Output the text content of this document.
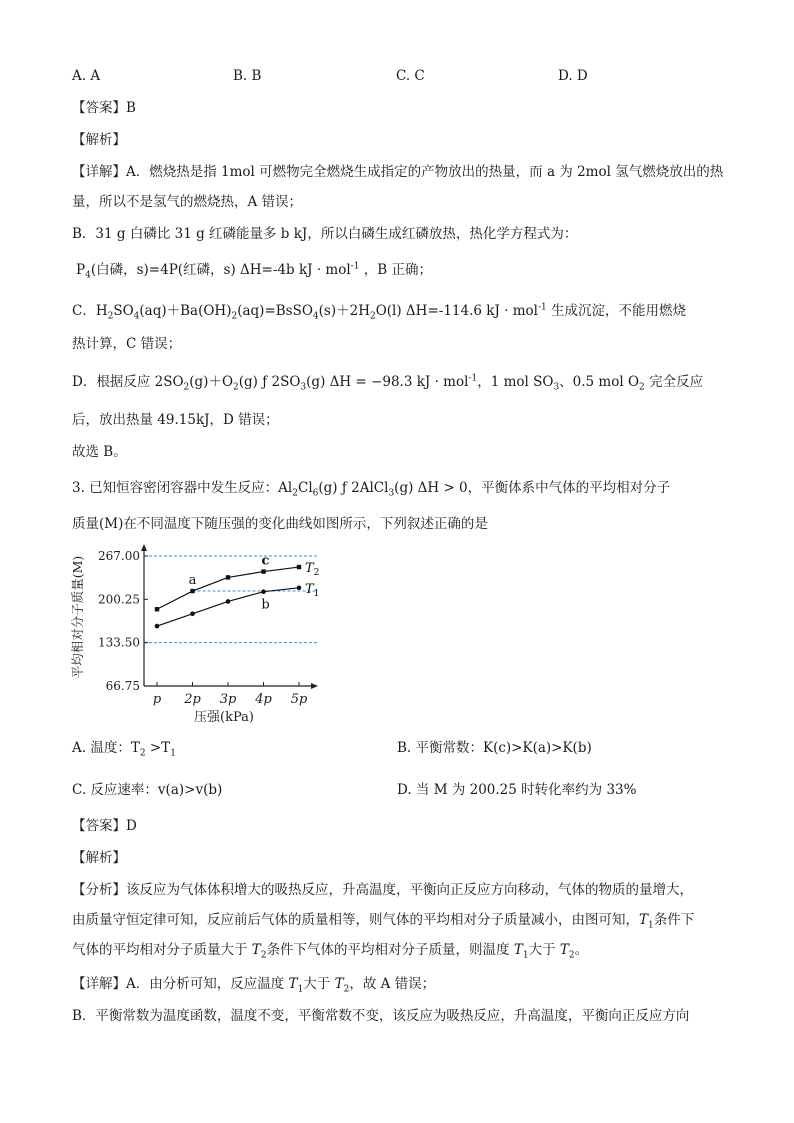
A. A	B. B	C. C	D. D
【答案】B
【解析】
【详解】A．燃烧热是指 1mol 可燃物完全燃烧生成指定的产物放出的热量，而 a 为 2mol 氢气燃烧放出的热
量，所以不是氢气的燃烧热，A 错误；
B．31 g 白磷比 31 g 红磷能量多 b kJ，所以白磷生成红磷放热，热化学方程式为：
$P_4$(白磷，s)=4P(红磷，s) ΔH=-4b kJ · mol$^{-1}$ ，B 正确；
C．$H_2SO_4(aq)+Ba(OH)_2(aq)=BsSO_4(s)+2H_2O(l)$ ΔH=-114.6 kJ · mol$^{-1}$ 生成沉淀，不能用燃烧
热计算，C 错误；
D．根据反应 $2SO_2(g)+O_2(g)$ ƒ $2SO_3(g) \Delta H = -98.3$ kJ · mol$^{-1}$，1 mol $SO_3$、0.5 mol $O_2$ 完全反应
后，放出热量 49.15kJ，D 错误；
故选 B。
3. 已知恒容密闭容器中发生反应：$Al_2Cl_6(g)$ ƒ 2AlCl$_3$(g) ΔH > 0，平衡体系中气体的平均相对分子
质量(M)在不同温度下随压强的变化曲线如图所示，下列叙述正确的是
267.00
200.25
133.50
66.75
p 2p 3p 4p 5p
压强(kPa)
平均相对分子质量(M)	$T_2$
$T_1$
a
c
b
A. 温度：$T_2 >T_1$	B. 平衡常数：K(c)>K(a)>K(b)
C. 反应速率：v(a)>v(b)	D. 当 M 为 200.25 时转化率约为 33%
【答案】D
【解析】
【分析】该反应为气体体积增大的吸热反应，升高温度，平衡向正反应方向移动，气体的物质的量增大，
由质量守恒定律可知，反应前后气体的质量相等，则气体的平均相对分子质量减小，由图可知，$T_1$条件下
气体的平均相对分子质量大于 $T_2$条件下气体的平均相对分子质量，则温度 $T_1$大于 $T_2$。
【详解】A．由分析可知，反应温度 $T_1$大于 $T_2$，故 A 错误；
B．平衡常数为温度函数，温度不变，平衡常数不变，该反应为吸热反应，升高温度，平衡向正反应方向
